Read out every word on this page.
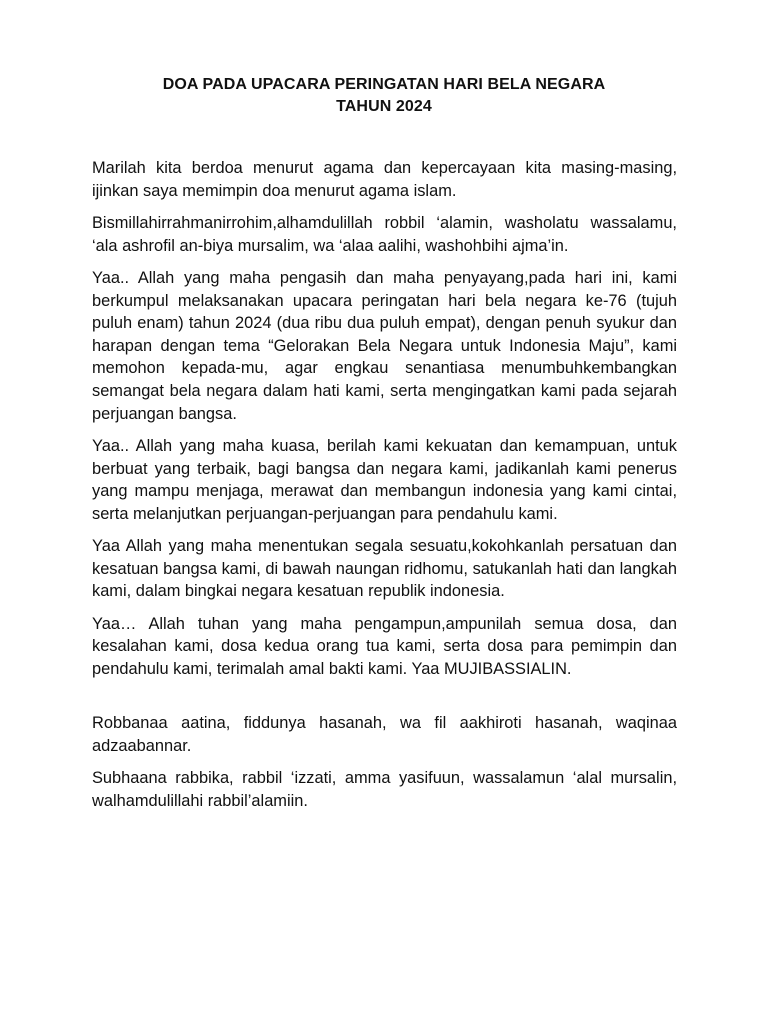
DOA PADA UPACARA PERINGATAN HARI BELA NEGARA
TAHUN 2024

Marilah kita berdoa menurut agama dan kepercayaan kita masing-masing, ijinkan saya memimpin doa menurut agama islam.

Bismillahirrahmanirrohim,alhamdulillah robbil ‘alamin, washolatu wassalamu, ‘ala ashrofil an-biya mursalim, wa ‘alaa aalihi, washohbihi ajma’in.

Yaa.. Allah yang maha pengasih dan maha penyayang,pada hari ini, kami berkumpul melaksanakan upacara peringatan hari bela negara ke-76 (tujuh puluh enam) tahun 2024 (dua ribu dua puluh empat), dengan penuh syukur dan harapan dengan tema “Gelorakan Bela Negara untuk Indonesia Maju”, kami memohon kepada-mu, agar engkau senantiasa menumbuhkembangkan semangat bela negara dalam hati kami, serta mengingatkan kami pada sejarah perjuangan bangsa.

Yaa.. Allah yang maha kuasa, berilah kami kekuatan dan kemampuan, untuk berbuat yang terbaik, bagi bangsa dan negara kami, jadikanlah kami penerus yang mampu menjaga, merawat dan membangun indonesia yang kami cintai, serta melanjutkan perjuangan-perjuangan para pendahulu kami.

Yaa Allah yang maha menentukan segala sesuatu,kokohkanlah persatuan dan kesatuan bangsa kami, di bawah naungan ridhomu, satukanlah hati dan langkah kami, dalam bingkai negara kesatuan republik indonesia.

Yaa… Allah tuhan yang maha pengampun,ampunilah semua dosa, dan kesalahan kami, dosa kedua orang tua kami, serta dosa para pemimpin dan pendahulu kami, terimalah amal bakti kami. Yaa MUJIBASSIALIN.

Robbanaa aatina, fiddunya hasanah, wa fil aakhiroti hasanah, waqinaa adzaabannar.

Subhaana rabbika, rabbil ‘izzati, amma yasifuun, wassalamun ‘alal mursalin, walhamdulillahi rabbil’alamiin.
